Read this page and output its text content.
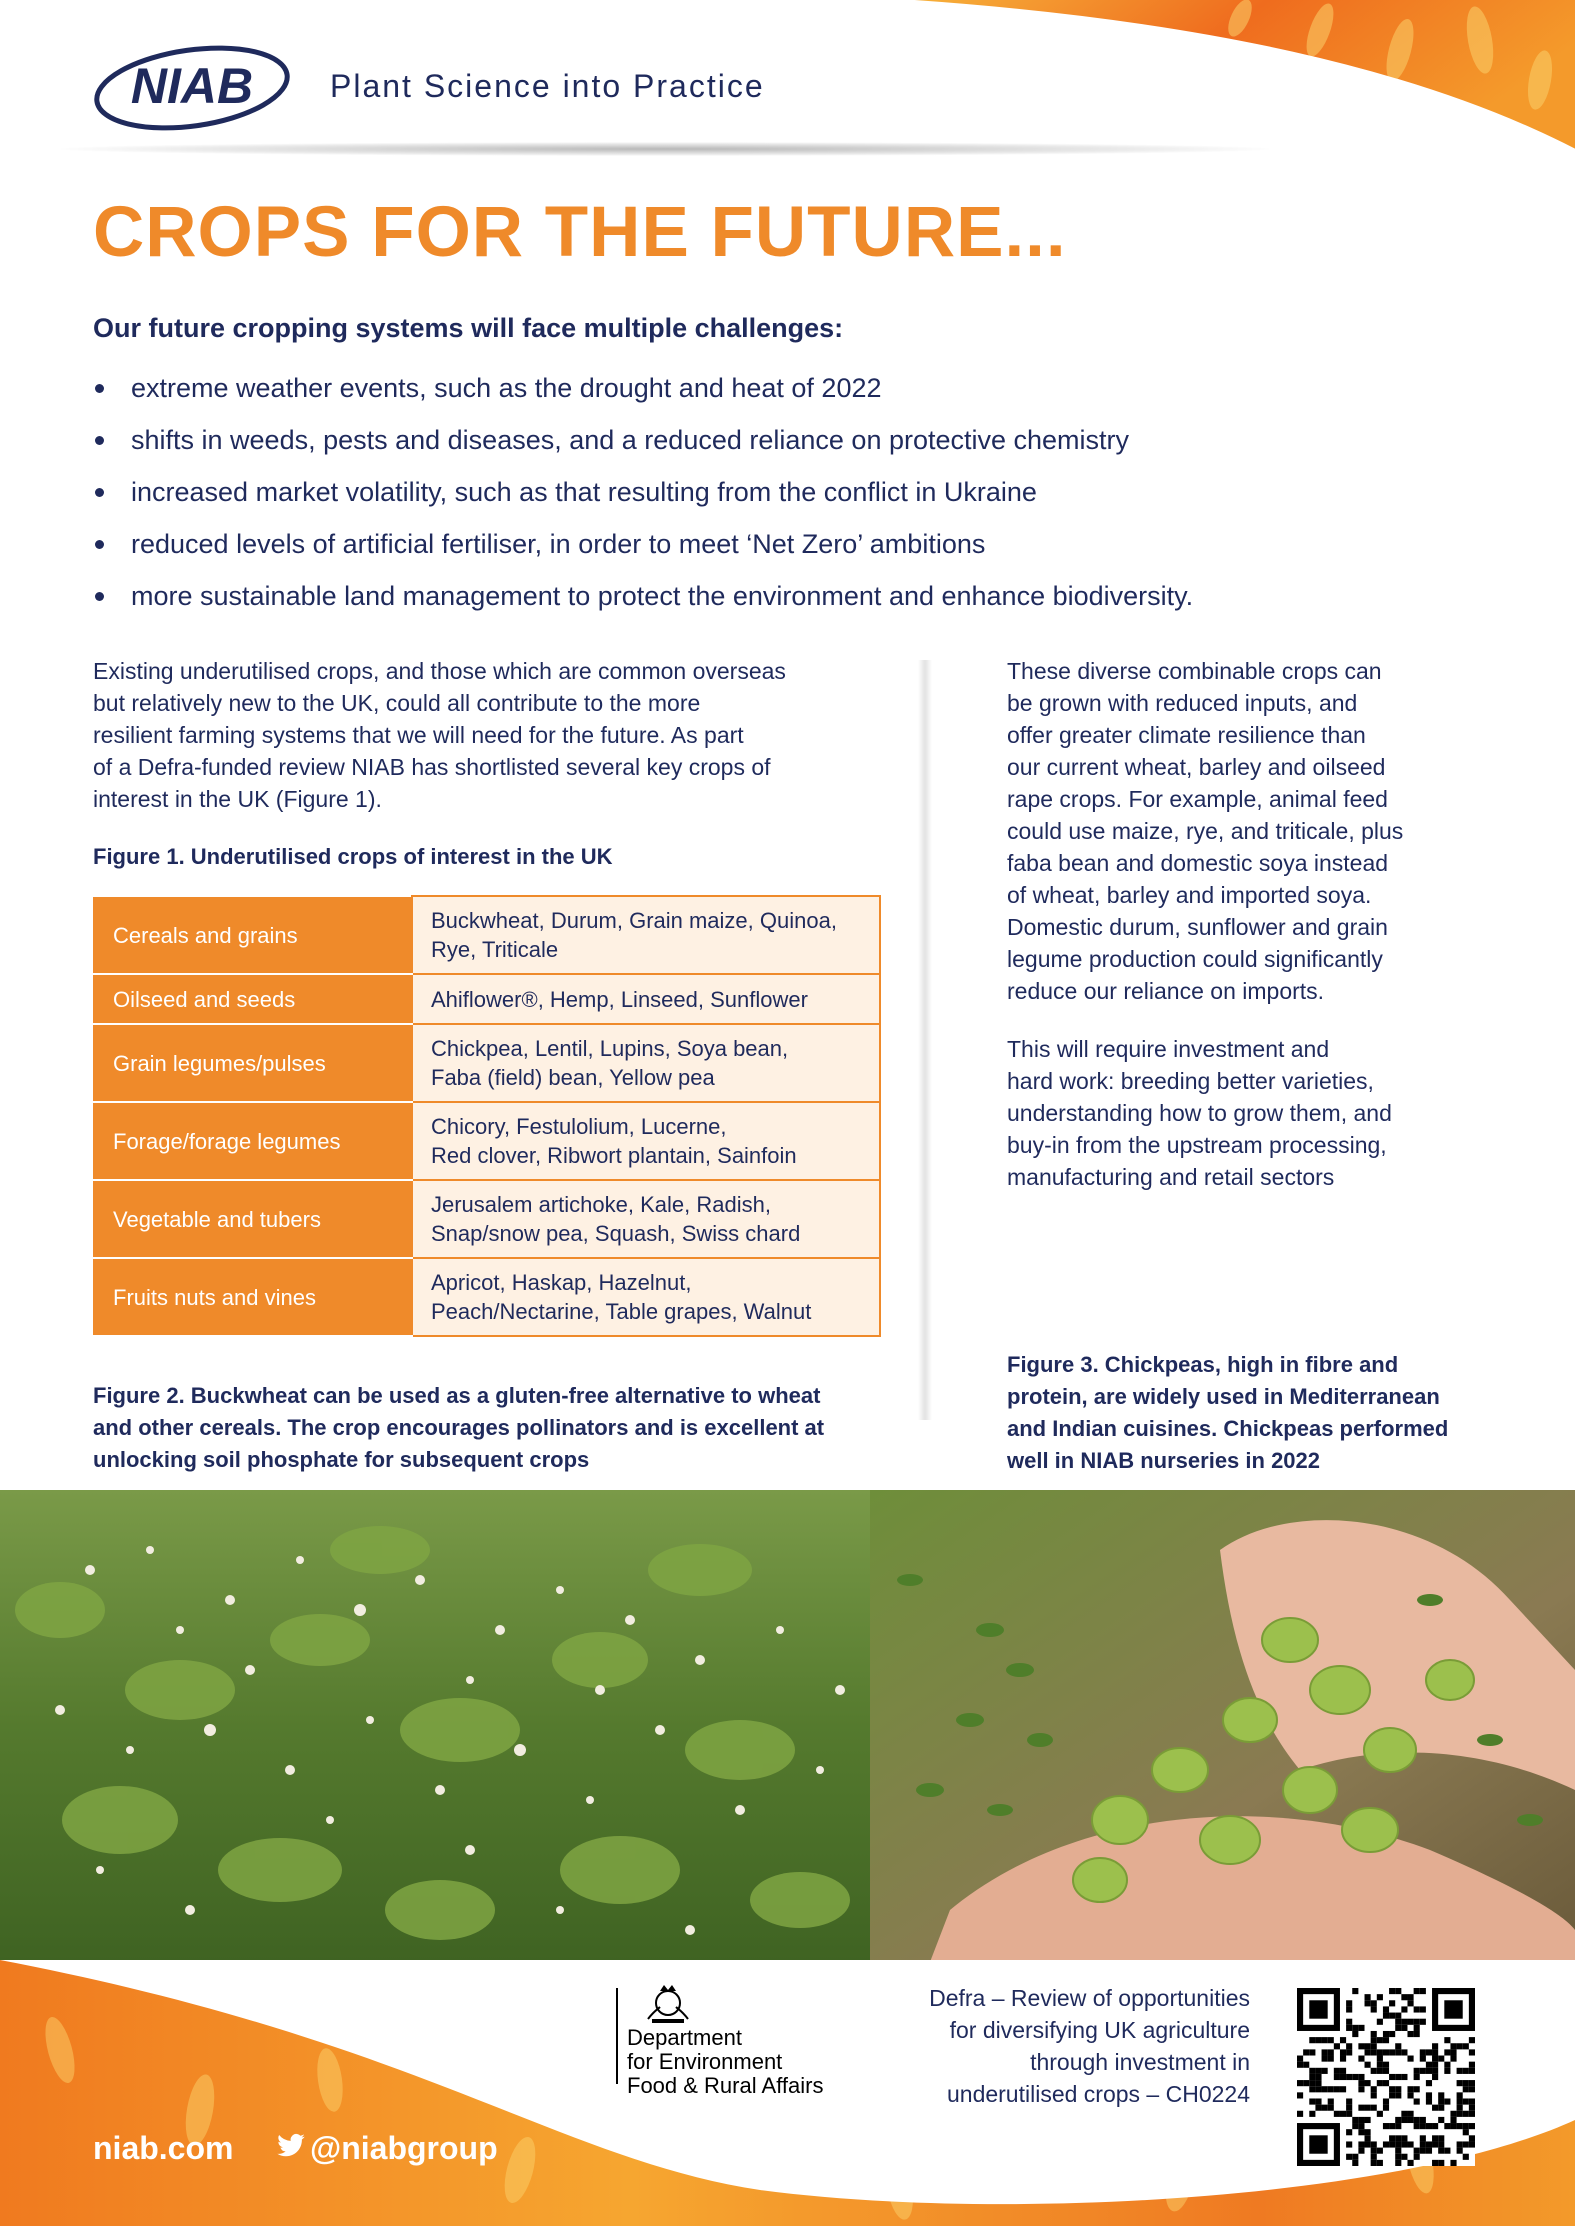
NIAB Plant Science into Practice
CROPS FOR THE FUTURE...
Our future cropping systems will face multiple challenges:
extreme weather events, such as the drought and heat of 2022
shifts in weeds, pests and diseases, and a reduced reliance on protective chemistry
increased market volatility, such as that resulting from the conflict in Ukraine
reduced levels of artificial fertiliser, in order to meet ‘Net Zero’ ambitions
more sustainable land management to protect the environment and enhance biodiversity.
Existing underutilised crops, and those which are common overseas
but relatively new to the UK, could all contribute to the more
resilient farming systems that we will need for the future. As part
of a Defra-funded review NIAB has shortlisted several key crops of
interest in the UK (Figure 1).
Figure 1. Underutilised crops of interest in the UK
Cereals and grains	Buckwheat, Durum, Grain maize, Quinoa,
Rye, Triticale

Oilseed and seeds	Ahiflower®, Hemp, Linseed, Sunflower

Grain legumes/pulses	Chickpea, Lentil, Lupins, Soya bean,
Faba (field) bean, Yellow pea

Forage/forage legumes	Chicory, Festulolium, Lucerne,
Red clover, Ribwort plantain, Sainfoin

Vegetable and tubers	Jerusalem artichoke, Kale, Radish,
Snap/snow pea, Squash, Swiss chard

Fruits nuts and vines	Apricot, Haskap, Hazelnut,
Peach/Nectarine, Table grapes, Walnut
Figure 2. Buckwheat can be used as a gluten-free alternative to wheat
and other cereals. The crop encourages pollinators and is excellent at
unlocking soil phosphate for subsequent crops
These diverse combinable crops can
be grown with reduced inputs, and
offer greater climate resilience than
our current wheat, barley and oilseed
rape crops. For example, animal feed
could use maize, rye, and triticale, plus
faba bean and domestic soya instead
of wheat, barley and imported soya.
Domestic durum, sunflower and grain
legume production could significantly
reduce our reliance on imports.
This will require investment and
hard work: breeding better varieties,
understanding how to grow them, and
buy-in from the upstream processing,
manufacturing and retail sectors
Figure 3. Chickpeas, high in fibre and
protein, are widely used in Mediterranean
and Indian cuisines. Chickpeas performed
well in NIAB nurseries in 2022
Department
for Environment
Food & Rural Affairs
Defra – Review of opportunities
for diversifying UK agriculture
through investment in
underutilised crops – CH0224
niab.com	@niabgroup
